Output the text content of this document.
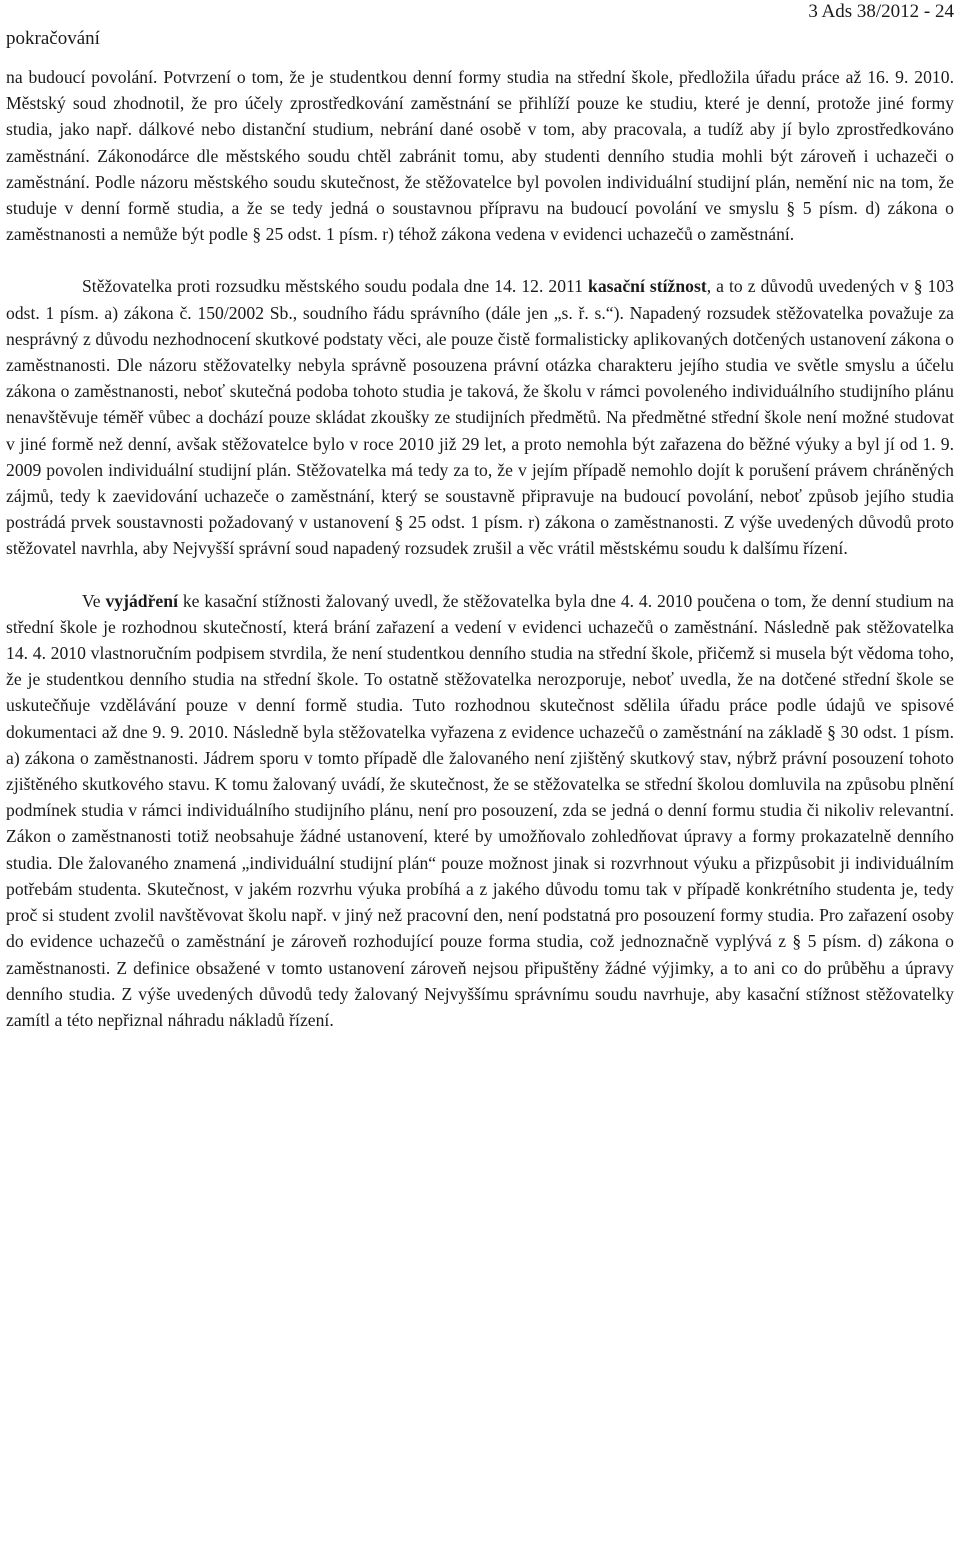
pokračování
3 Ads 38/2012 - 24

na budoucí povolání. Potvrzení o tom, že je studentkou denní formy studia na střední škole, předložila úřadu práce až 16. 9. 2010. Městský soud zhodnotil, že pro účely zprostředkování zaměstnání se přihlíží pouze ke studiu, které je denní, protože jiné formy studia, jako např. dálkové nebo distanční studium, nebrání dané osobě v tom, aby pracovala, a tudíž aby jí bylo zprostředkováno zaměstnání. Zákonodárce dle městského soudu chtěl zabránit tomu, aby studenti denního studia mohli být zároveň i uchazeči o zaměstnání. Podle názoru městského soudu skutečnost, že stěžovatelce byl povolen individuální studijní plán, nemění nic na tom, že studuje v denní formě studia, a že se tedy jedná o soustavnou přípravu na budoucí povolání ve smyslu § 5 písm. d) zákona o zaměstnanosti a nemůže být podle § 25 odst. 1 písm. r) téhož zákona vedena v evidenci uchazečů o zaměstnání.

Stěžovatelka proti rozsudku městského soudu podala dne 14. 12. 2011 kasační stížnost, a to z důvodů uvedených v § 103 odst. 1 písm. a) zákona č. 150/2002 Sb., soudního řádu správního (dále jen „s. ř. s.“). Napadený rozsudek stěžovatelka považuje za nesprávný z důvodu nezhodnocení skutkové podstaty věci, ale pouze čistě formalisticky aplikovaných dotčených ustanovení zákona o zaměstnanosti. Dle názoru stěžovatelky nebyla správně posouzena právní otázka charakteru jejího studia ve světle smyslu a účelu zákona o zaměstnanosti, neboť skutečná podoba tohoto studia je taková, že školu v rámci povoleného individuálního studijního plánu nenavštěvuje téměř vůbec a dochází pouze skládat zkoušky ze studijních předmětů. Na předmětné střední škole není možné studovat v jiné formě než denní, avšak stěžovatelce bylo v roce 2010 již 29 let, a proto nemohla být zařazena do běžné výuky a byl jí od 1. 9. 2009 povolen individuální studijní plán. Stěžovatelka má tedy za to, že v jejím případě nemohlo dojít k porušení právem chráněných zájmů, tedy k zaevidování uchazeče o zaměstnání, který se soustavně připravuje na budoucí povolání, neboť způsob jejího studia postrádá prvek soustavnosti požadovaný v ustanovení § 25 odst. 1 písm. r) zákona o zaměstnanosti. Z výše uvedených důvodů proto stěžovatel navrhla, aby Nejvyšší správní soud napadený rozsudek zrušil a věc vrátil městskému soudu k dalšímu řízení.

Ve vyjádření ke kasační stížnosti žalovaný uvedl, že stěžovatelka byla dne 4. 4. 2010 poučena o tom, že denní studium na střední škole je rozhodnou skutečností, která brání zařazení a vedení v evidenci uchazečů o zaměstnání. Následně pak stěžovatelka 14. 4. 2010 vlastnoručním podpisem stvrdila, že není studentkou denního studia na střední škole, přičemž si musela být vědoma toho, že je studentkou denního studia na střední škole. To ostatně stěžovatelka nerozporuje, neboť uvedla, že na dotčené střední škole se uskutečňuje vzdělávání pouze v denní formě studia. Tuto rozhodnou skutečnost sdělila úřadu práce podle údajů ve spisové dokumentaci až dne 9. 9. 2010. Následně byla stěžovatelka vyřazena z evidence uchazečů o zaměstnání na základě § 30 odst. 1 písm. a) zákona o zaměstnanosti. Jádrem sporu v tomto případě dle žalovaného není zjištěný skutkový stav, nýbrž právní posouzení tohoto zjištěného skutkového stavu. K tomu žalovaný uvádí, že skutečnost, že se stěžovatelka se střední školou domluvila na způsobu plnění podmínek studia v rámci individuálního studijního plánu, není pro posouzení, zda se jedná o denní formu studia či nikoliv relevantní. Zákon o zaměstnanosti totiž neobsahuje žádné ustanovení, které by umožňovalo zohledňovat úpravy a formy prokazatelně denního studia. Dle žalovaného znamená „individuální studijní plán“ pouze možnost jinak si rozvrhnout výuku a přizpůsobit ji individuálním potřebám studenta. Skutečnost, v jakém rozvrhu výuka probíhá a z jakého důvodu tomu tak v případě konkrétního studenta je, tedy proč si student zvolil navštěvovat školu např. v jiný než pracovní den, není podstatná pro posouzení formy studia. Pro zařazení osoby do evidence uchazečů o zaměstnání je zároveň rozhodující pouze forma studia, což jednoznačně vyplývá z § 5 písm. d) zákona o zaměstnanosti. Z definice obsažené v tomto ustanovení zároveň nejsou připuštěny žádné výjimky, a to ani co do průběhu a úpravy denního studia. Z výše uvedených důvodů tedy žalovaný Nejvyššímu správnímu soudu navrhuje, aby kasační stížnost stěžovatelky zamítl a této nepřiznal náhradu nákladů řízení.
